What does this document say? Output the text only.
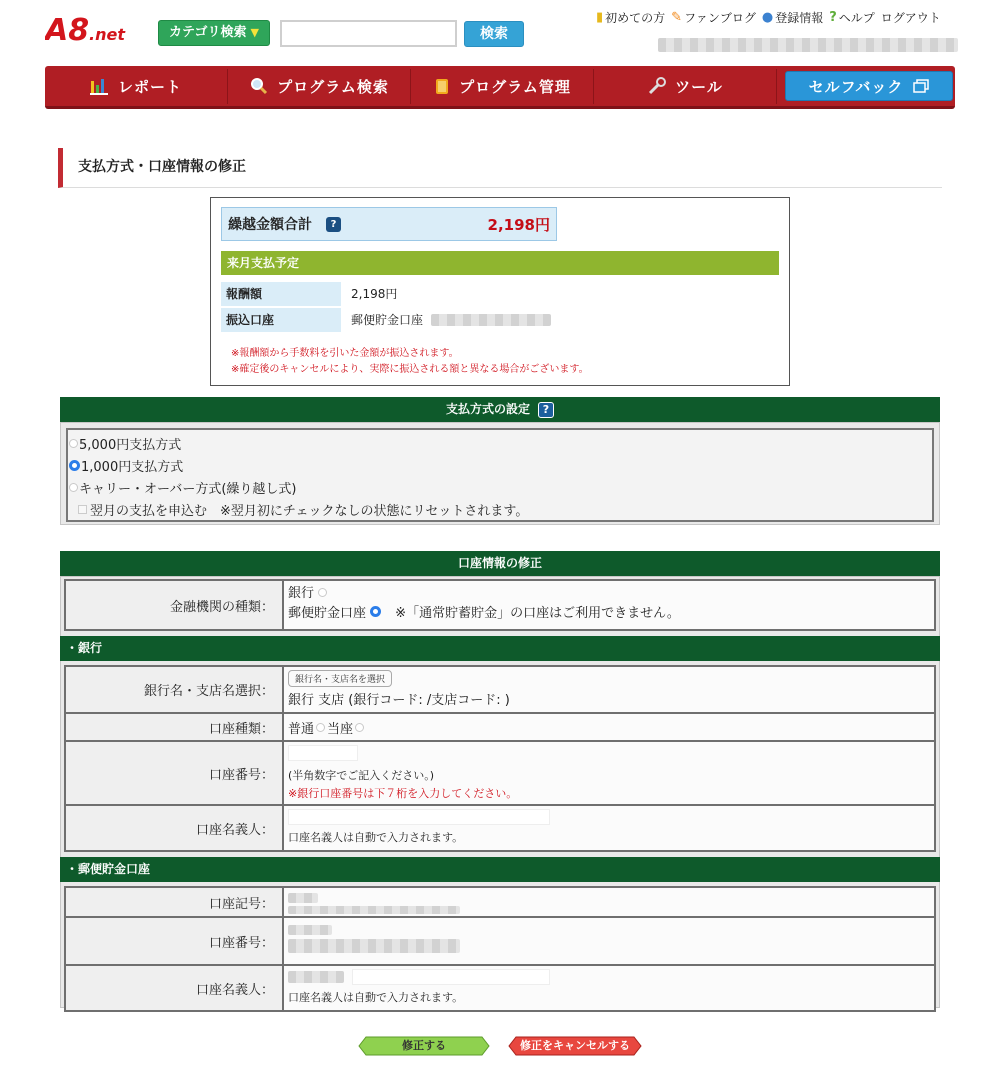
A8 .net	カテゴリ検索 ▼	検索
▮ 初めての方 ✎ ファンブログ ● 登録情報 ? ヘルプ ログアウト
レポート	プログラム検索	プログラム管理	ツール	セルフバック
支払方式・口座情報の修正
繰越金額合計	?	2,198円
来月支払予定
報酬額	2,198円
振込口座	郵便貯金口座
※報酬額から手数料を引いた金額が振込されます。
※確定後のキャンセルにより、実際に振込される額と異なる場合がございます。
支払方式の設定 ?
5,000円支払方式
1,000円支払方式
キャリー・オーバー方式(繰り越し式)
翌月の支払を申込む　※翌月初にチェックなしの状態にリセットされます。
口座情報の修正
金融機関の種類：
銀行
郵便貯金口座 　 ※「通常貯蓄貯金」の口座はご利用できません。
・銀行
銀行名・支店名選択：
銀行名・支店名を選択
銀行 支店 (銀行コード: /支店コード: )
口座種類：	普通 当座
口座番号：	(半角数字でご記入ください。)
※銀行口座番号は下７桁を入力してください。
口座名義人：	口座名義人は自動で入力されます。
・郵便貯金口座
口座記号：
口座番号：
口座名義人：	口座名義人は自動で入力されます。
修正する	修正をキャンセルする
